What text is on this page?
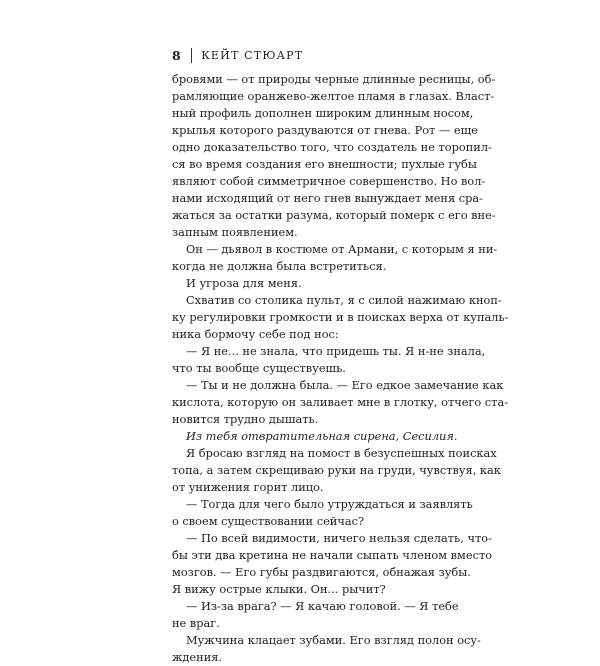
8 КЕЙТ СТЮАРТ
бровями — от природы черные длинные ресницы, об-
рамляющие оранжево-желтое пламя в глазах. Власт-
ный профиль дополнен широким длинным носом,
крылья которого раздуваются от гнева. Рот — еще
одно доказательство того, что создатель не торопил-
ся во время создания его внешности; пухлые губы
являют собой симметричное совершенство. Но вол-
нами исходящий от него гнев вынуждает меня сра-
жаться за остатки разума, который померк с его вне-
запным появлением.
Он — дьявол в костюме от Армани, с которым я ни-
когда не должна была встретиться.
И угроза для меня.
Схватив со столика пульт, я с силой нажимаю кноп-
ку регулировки громкости и в поисках верха от купаль-
ника бормочу себе под нос:
— Я не... не знала, что придешь ты. Я н-не знала,
что ты вообще существуешь.
— Ты и не должна была. — Его едкое замечание как
кислота, которую он заливает мне в глотку, отчего ста-
новится трудно дышать.
Из тебя отвратительная сирена, Сесилия.
Я бросаю взгляд на помост в безуспешных поисках
топа, а затем скрещиваю руки на груди, чувствуя, как
от унижения горит лицо.
— Тогда для чего было утруждаться и заявлять
о своем существовании сейчас?
— По всей видимости, ничего нельзя сделать, что-
бы эти два кретина не начали сыпать членом вместо
мозгов. — Его губы раздвигаются, обнажая зубы.
Я вижу острые клыки. Он... рычит?
— Из-за врага? — Я качаю головой. — Я тебе
не враг.
Мужчина клацает зубами. Его взгляд полон осу-
ждения.
